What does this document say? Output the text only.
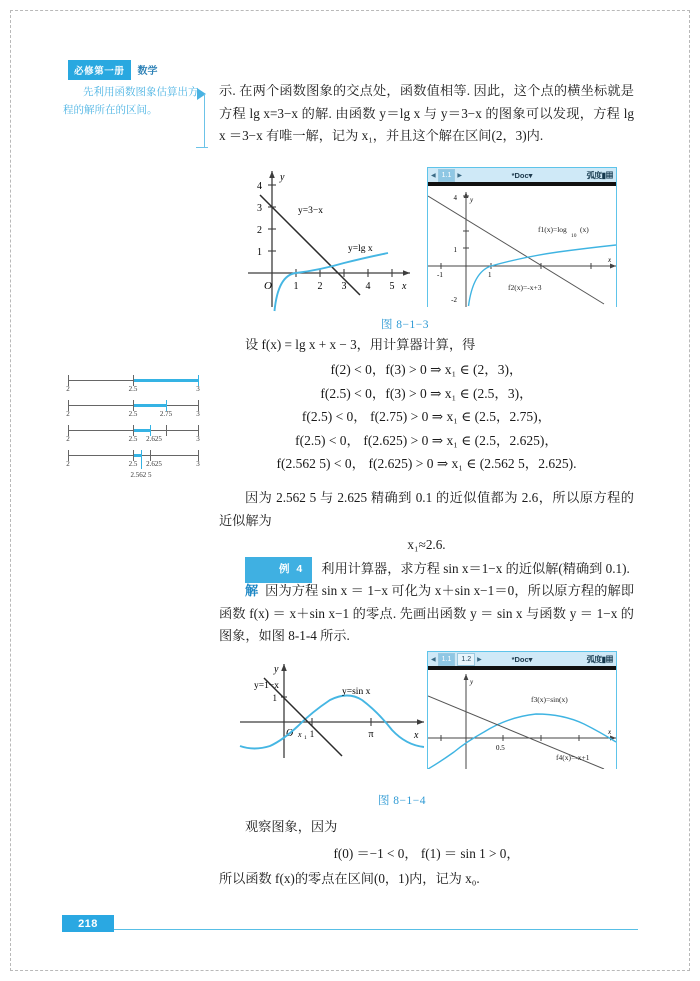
必修第一册	数学
先利用函数图象估算出方程的解所在的区间。

示. 在两个函数图象的交点处，函数值相等. 因此，这个点的横坐标就是方程 lg x=3−x 的解. 由函数 y＝lg x 与 y＝3−x 的图象可以发现，方程 lg x ＝3−x 有唯一解，记为 x₁，并且这个解在区间(2，3)内.

1
2
3
4
1 2 3 4 5
O
y
x
y=3−x
y=lg x
图 8−1−3
◀ 1.1	▶	*Doc▾	弧度▮▦
y
x
-1	1
4
1
-2
f1(x)=log
10
(x)
f2(x)=-x+3

设 f(x) = lg x + x − 3，用计算器计算，得

f(2) < 0，f(3) > 0 ⇒ x₁ ∈ (2，3)，
f(2.5) < 0，f(3) > 0 ⇒ x₁ ∈ (2.5，3)，
f(2.5) < 0， f(2.75) > 0 ⇒ x₁ ∈ (2.5，2.75)，
f(2.5) < 0， f(2.625) > 0 ⇒ x₁ ∈ (2.5，2.625)，
f(2.562 5) < 0， f(2.625) > 0 ⇒ x₁ ∈ (2.562 5，2.625).
2	2.5	3
2	2.5	2.75	3
2.5 2.625
2	3
2.5 2.625
2	3
2.562 5

因为 2.562 5 与 2.625 精确到 0.1 的近似值都为 2.6，所以原方程的近似解为

x₁≈2.6.

例 4 利用计算器，求方程 sin x＝1−x 的近似解(精确到 0.1).

解 因为方程 sin x ＝ 1−x 可化为 x＋sin x−1＝0，所以原方程的解即函数 f(x) ＝ x＋sin x−1 的零点. 先画出函数 y ＝ sin x 与函数 y ＝ 1−x 的图象，如图 8-1-4 所示.

y
x
O x 1 1	π
1
y=sin x
y=1−x
图 8−1−4
◀ 1.1	1.2	▶	*Doc▾	弧度▮▦
y
x
0.5
f3(x)=sin(x)
f4(x)=-x+1

观察图象，因为

f(0) ＝−1 < 0， f(1) ＝ sin 1 > 0，

所以函数 f(x)的零点在区间(0，1)内，记为 x₀.

218
